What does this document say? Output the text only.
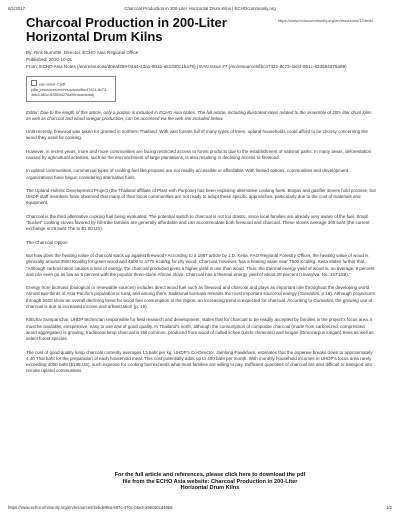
6/1/2017	Charcoal Production in 200-Liter Horizontal Drum Kilns | ECHOcommunity.org
https://www.echocommunity.org/en/resources/124edd...
Charcoal Production in 200-Liter Horizontal Drum Kilns
By: Rick Burnette, Director, ECHO Asia Regional Office
Published: 2010-10-01
From: ECHO Asia Notes (/en/resources/d0eaf359-b4a4-43a1-801b-a51320c1ba76) | EAN Issue #7 (/en/resources/fbc47421-8c73-4eb3-861c-633694276a99)
ean-issue-7.pdf (/file_resources/en/resources/fbc47421-8c73-4eb3-861c-633694276a99/download)
Editor: Due to the length of this article, only a portion is included in ECHO Asia Notes. The full article, including illustrated steps related to the assembly of 200- liter drum kilns as well as charcoal and wood vinegar production, can be accessed via the web link included below.
Until recently, firewood was taken for granted in northern Thailand. With vast forests full of many types of trees, upland households could afford to be choosy concerning the wood they used for cooking.
However, in recent years, more and more communities are facing restricted access to forest products due to the establishment of national parks. In many areas, deforestation caused by agricultural activities, such as the encroachment of large plantations, is also resulting in declining access to firewood.
In upland communities, commercial types of cooking fuel like propane are not readily accessible or affordable. With limited options, communities and development organizations have begun considering alternative fuels.
The Upland Holistic Development Project (the Thailand affiliate of Plant with Purpose) has been exploring alternative cooking fuels. Biogas and gasifier stoves hold promise, but UHDP staff members have observed that many of their focus communities are not ready to adopt these specific approaches, particularly due to the cost of materials and equipment.
Charcoal is the third alternative cooking fuel being evaluated. The potential switch to charcoal is not too drastic, since local families are already very aware of the fuel. Small "bucket" cooking stoves favored by hill-tribe families are generally affordable and can accommodate both firewood and charcoal. These stoves average 300 baht (the current exchange is 29 baht The to $1.00 US).
The Charcoal Option
But how does the heating value of charcoal stack up against firewood? According to a 1987 article by J.D. Keita, FAO Regional Forestry Officer, the heating value of wood is generally around 3500 Kcal/kg for green wood and 4500 to 4770 Kcal/kg for dry wood. Charcoal, however, has a heating value near 7500 Kcal/kg. Keita states further that, "Although carbonization causes a loss of energy, the charcoal produced gives a higher yield in use than wood. Thus, the thermal energy yield of wood is, on average, 8 percent and can even go as low as 5 percent with the popular three-stone African stove. Charcoal has a thermal energy yield of about 28 percent (Unasylva. No. 157:158)."
Energy from biomass (biological or renewable sources) includes direct wood fuel such as firewood and charcoal and plays an important role throughout the developing world. Almost two-thirds of Asia-Pacific's population is rural, and among them, traditional biomass remains the most important source of energy (Gumartini, p 16). Although projections through 2020 show an overall declining trend for wood fuel consumption in the region, an increasing trend is expected for charcoal. According to Gumartini, the growing use of charcoal is due to increased income and urbanization (p. 19).
Kittichai Sumpanchai, UHDP technician responsible for field research and development, states that for charcoal to be readily accepted by families in the project's focus area, it must be available, inexpensive, easy to use and of good quality. In Thailand's north, although the consumption of composite charcoal (made from carbonized, compressed wood aggregates) is growing, traditional lump charcoal is still common, produced from wood of culled lichee (Litchi chinensis) and longan (Dimocarpus longan) trees as well as select forest species.
The cost of good quality lump charcoal currently averages 13 baht per kg. UHDP's Co-Director, Jamlong Pawikham, estimates that the expense breaks down to approximately 4.40 Thai baht for the preparation of each household meal. This cost potentially adds up to 400 baht per month. With monthly household incomes in UHDP's focus area rarely exceeding 4000 baht ($138 US), such expense for cooking fuel exceeds what most families are willing to pay. Sufficient quantities of charcoal are also difficult to transport into remote upland communities.
For the full article and references, please click here to download the pdf file from the ECHO Asia website: Charcoal Production in 200-Liter Horizontal Drum Kilns
https://www.echocommunity.org/en/resources/2ebde95a-567c-470c-b5e3-a96c60cd48b6	1/2
